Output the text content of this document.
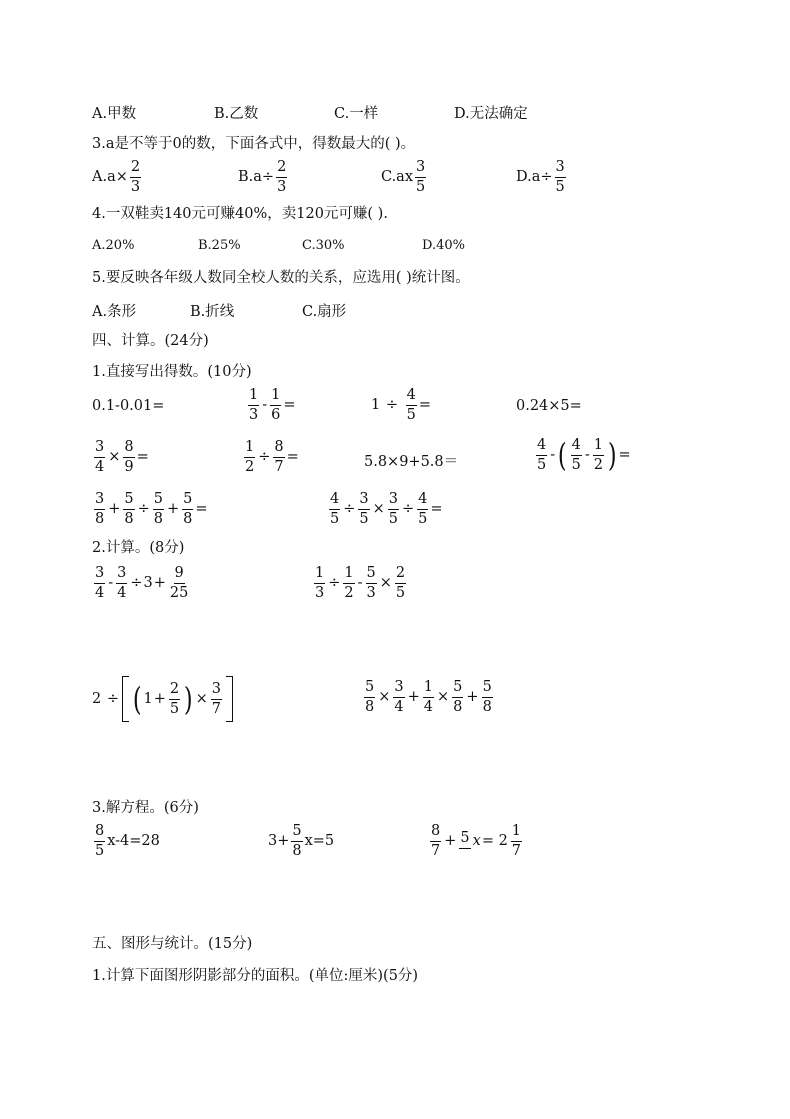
A.甲数	B.乙数	C.一样	D.无法确定
3.a是不等于0的数，下面各式中，得数最大的( )。
$A.a\times \frac{2}{3}$	$B.a\div \frac{2}{3}$	$C.ax \frac{3}{5}$	$D.a\div \frac{3}{5}$
4.一双鞋卖140元可赚40%，卖120元可赚( ).
A.20%	B.25%	C.30%	D.40%
5.要反映各年级人数同全校人数的关系，应选用( )统计图。
A.条形	B.折线	C.扇形
四、计算。(24分)
1.直接写出得数。(10分)
0.1-0.01=	$\frac{1}{3} - \frac{1}{6}$ =	$1 \div \frac{4}{5}$ =	0.24×5=
$\frac{3}{4} \times \frac{8}{9}$ =	$\frac{1}{2} \div \frac{8}{7}$ =	5.8×9+5.8＝	$\frac{4}{5}$ - ( $\frac{4}{5} - \frac{1}{2}$ ) =
$\frac{3}{8} + \frac{5}{8} \div \frac{5}{8} + \frac{5}{8}$ =	$\frac{4}{5} \div \frac{3}{5} \times \frac{3}{5} \div \frac{4}{5}$ =
2.计算。(8分)
$\frac{3}{4} - \frac{3}{4} \div 3 + \frac{9}{25}$	$\frac{1}{3} \div \frac{1}{2} - \frac{5}{3} \times \frac{2}{5}$
2 ÷ ( $1 + \frac{2}{5}$ ) × $\frac{3}{7}$	$\frac{5}{8} \times \frac{3}{4} + \frac{1}{4} \times \frac{5}{8} + \frac{5}{8}$
3.解方程。(6分)
$\frac{8}{5} x-4=28$	$3+ \frac{5}{8} x=5$	$\frac{8}{7} + 5$ $x = 2 \frac{1}{7}$
五、图形与统计。(15分)
1.计算下面图形阴影部分的面积。(单位:厘米)(5分)
